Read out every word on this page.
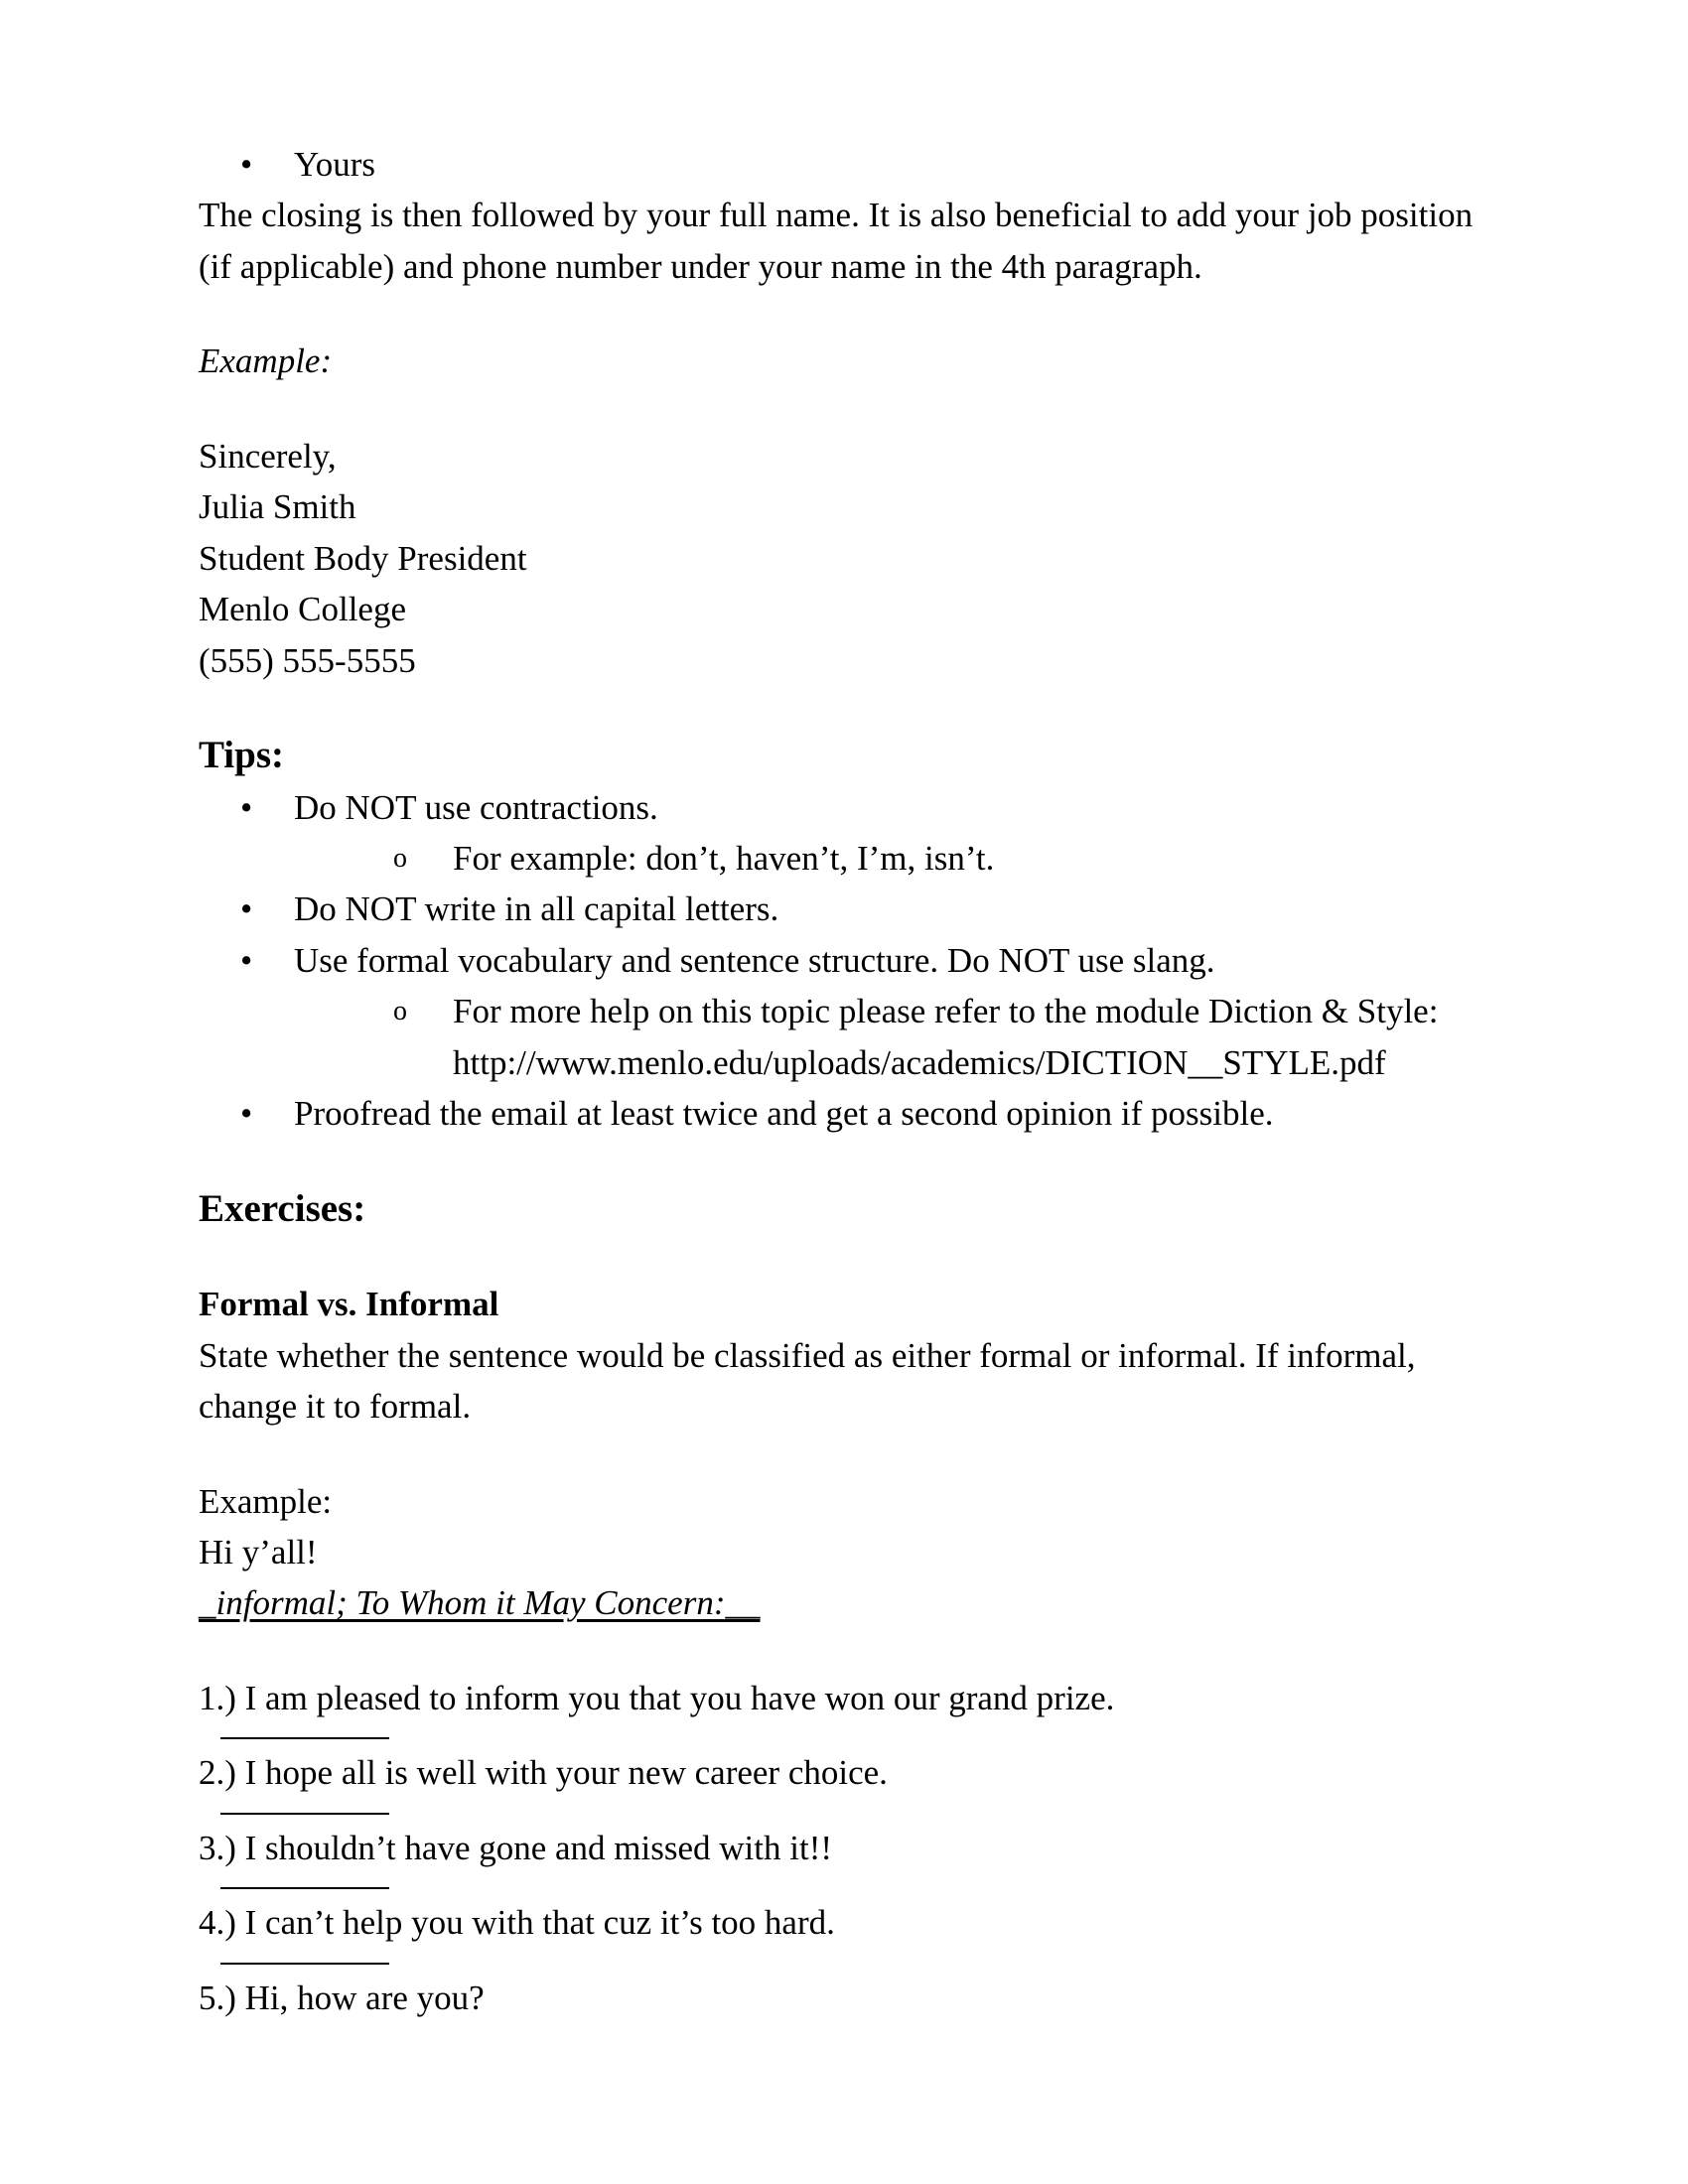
• Yours

The closing is then followed by your full name. It is also beneficial to add your job position (if applicable) and phone number under your name in the 4th paragraph.

Example:

Sincerely,

Julia Smith

Student Body President

Menlo College

(555) 555-5555

Tips:
• Do NOT use contractions.
o For example: don’t, haven’t, I’m, isn’t.
• Do NOT write in all capital letters.
• Use formal vocabulary and sentence structure. Do NOT use slang.
o For more help on this topic please refer to the module Diction & Style:
http://www.menlo.edu/uploads/academics/DICTION__STYLE.pdf
• Proofread the email at least twice and get a second opinion if possible.
Exercises:

Formal vs. Informal

State whether the sentence would be classified as either formal or informal. If informal, change it to formal.

Example:

Hi y’all!

_informal; To Whom it May Concern:__

1.) I am pleased to inform you that you have won our grand prize.

2.) I hope all is well with your new career choice.

3.) I shouldn’t have gone and missed with it!!

4.) I can’t help you with that cuz it’s too hard.

5.) Hi, how are you?
